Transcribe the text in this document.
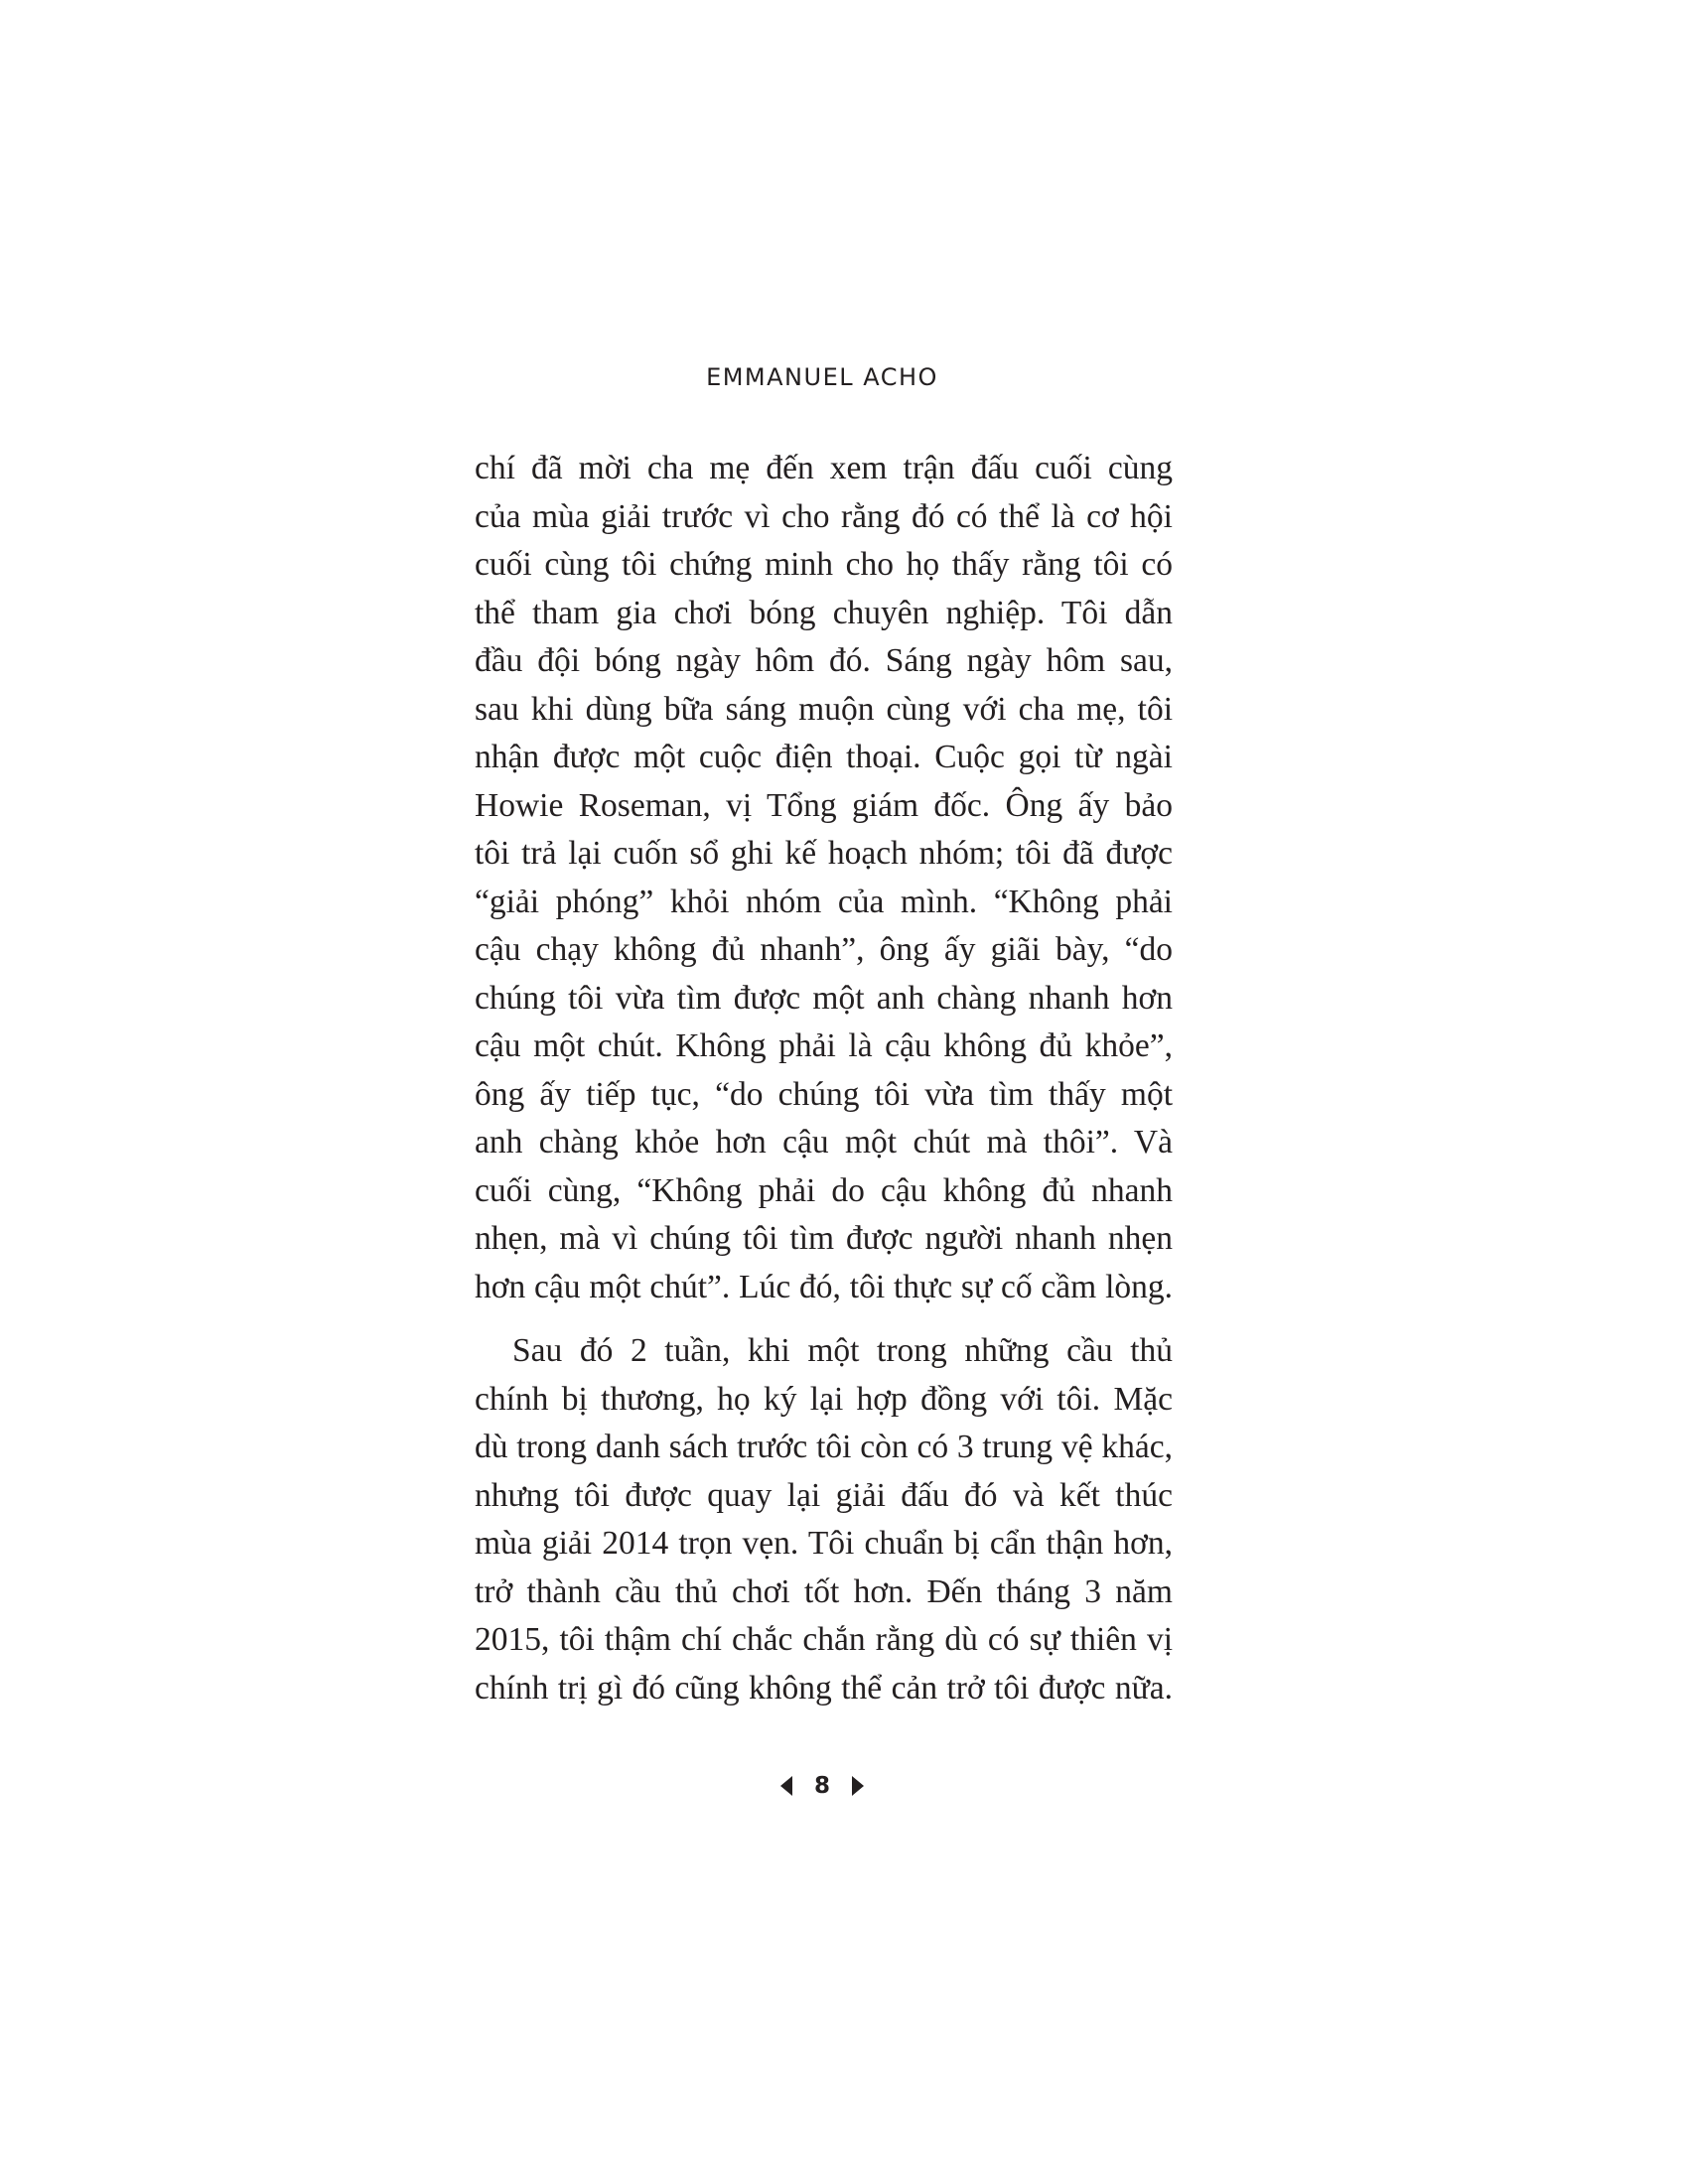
EMMANUEL ACHO
chí đã mời cha mẹ đến xem trận đấu cuối cùng
của mùa giải trước vì cho rằng đó có thể là cơ hội
cuối cùng tôi chứng minh cho họ thấy rằng tôi có
thể tham gia chơi bóng chuyên nghiệp. Tôi dẫn
đầu đội bóng ngày hôm đó. Sáng ngày hôm sau,
sau khi dùng bữa sáng muộn cùng với cha mẹ, tôi
nhận được một cuộc điện thoại. Cuộc gọi từ ngài
Howie Roseman, vị Tổng giám đốc. Ông ấy bảo
tôi trả lại cuốn sổ ghi kế hoạch nhóm; tôi đã được
“giải phóng” khỏi nhóm của mình. “Không phải
cậu chạy không đủ nhanh”, ông ấy giãi bày, “do
chúng tôi vừa tìm được một anh chàng nhanh hơn
cậu một chút. Không phải là cậu không đủ khỏe”,
ông ấy tiếp tục, “do chúng tôi vừa tìm thấy một
anh chàng khỏe hơn cậu một chút mà thôi”. Và
cuối cùng, “Không phải do cậu không đủ nhanh
nhẹn, mà vì chúng tôi tìm được người nhanh nhẹn
hơn cậu một chút”. Lúc đó, tôi thực sự cố cầm lòng.
Sau đó 2 tuần, khi một trong những cầu thủ
chính bị thương, họ ký lại hợp đồng với tôi. Mặc
dù trong danh sách trước tôi còn có 3 trung vệ khác,
nhưng tôi được quay lại giải đấu đó và kết thúc
mùa giải 2014 trọn vẹn. Tôi chuẩn bị cẩn thận hơn,
trở thành cầu thủ chơi tốt hơn. Đến tháng 3 năm
2015, tôi thậm chí chắc chắn rằng dù có sự thiên vị
chính trị gì đó cũng không thể cản trở tôi được nữa.
8
